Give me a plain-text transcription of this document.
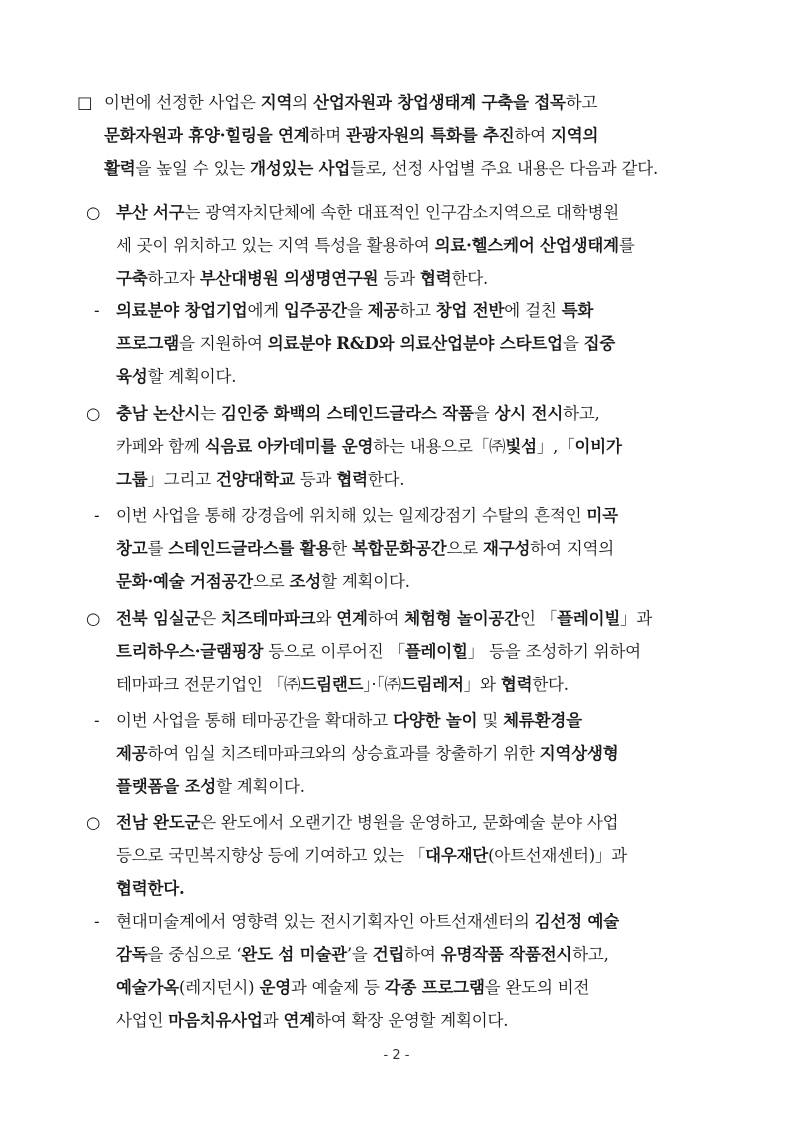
□ 이번에 선정한 사업은 지역의 산업자원과 창업생태계 구축을 접목하고
문화자원과 휴양·힐링을 연계하며 관광자원의 특화를 추진하여 지역의
활력을 높일 수 있는 개성있는 사업들로, 선정 사업별 주요 내용은 다음과 같다.
○ 부산 서구는 광역자치단체에 속한 대표적인 인구감소지역으로 대학병원
세 곳이 위치하고 있는 지역 특성을 활용하여 의료·헬스케어 산업생태계를
구축하고자 부산대병원 의생명연구원 등과 협력한다.
- 의료분야 창업기업에게 입주공간을 제공하고 창업 전반에 걸친 특화
프로그램을 지원하여 의료분야 R&D와 의료산업분야 스타트업을 집중
육성할 계획이다.
○ 충남 논산시는 김인중 화백의 스테인드글라스 작품을 상시 전시하고,
카페와 함께 식음료 아카데미를 운영하는 내용으로「㈜빛섬」,「이비가
그룹」그리고 건양대학교 등과 협력한다.
- 이번 사업을 통해 강경읍에 위치해 있는 일제강점기 수탈의 흔적인 미곡
창고를 스테인드글라스를 활용한 복합문화공간으로 재구성하여 지역의
문화·예술 거점공간으로 조성할 계획이다.
○ 전북 임실군은 치즈테마파크와 연계하여 체험형 놀이공간인 「플레이빌」과
트리하우스·글램핑장 등으로 이루어진 「플레이힐」 등을 조성하기 위하여
테마파크 전문기업인 「㈜드림랜드」·「㈜드림레저」와 협력한다.
- 이번 사업을 통해 테마공간을 확대하고 다양한 놀이 및 체류환경을
제공하여 임실 치즈테마파크와의 상승효과를 창출하기 위한 지역상생형
플랫폼을 조성할 계획이다.
○ 전남 완도군은 완도에서 오랜기간 병원을 운영하고, 문화예술 분야 사업
등으로 국민복지향상 등에 기여하고 있는 「대우재단(아트선재센터)」과
협력한다.
- 현대미술계에서 영향력 있는 전시기획자인 아트선재센터의 김선정 예술
감독을 중심으로 ‘완도 섬 미술관’을 건립하여 유명작품 작품전시하고,
예술가옥(레지던시) 운영과 예술제 등 각종 프로그램을 완도의 비전
사업인 마음치유사업과 연계하여 확장 운영할 계획이다.
- 2 -
